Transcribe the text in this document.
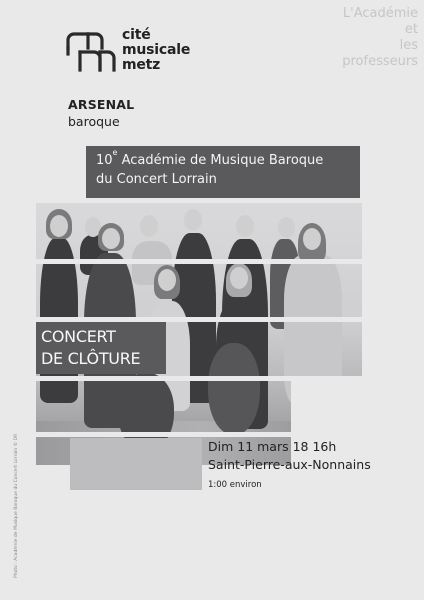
L'Académie et
les professeurs
cité
musicale
metz
ARSENAL
baroque
10e Académie de Musique Baroque
du Concert Lorrain
CONCERT
DE CLÔTURE
Dim 11 mars 18 16h
Saint-Pierre-aux-Nonnains
1:00 environ
Photo : Académie de Musique Baroque du Concert Lorrain © DR
